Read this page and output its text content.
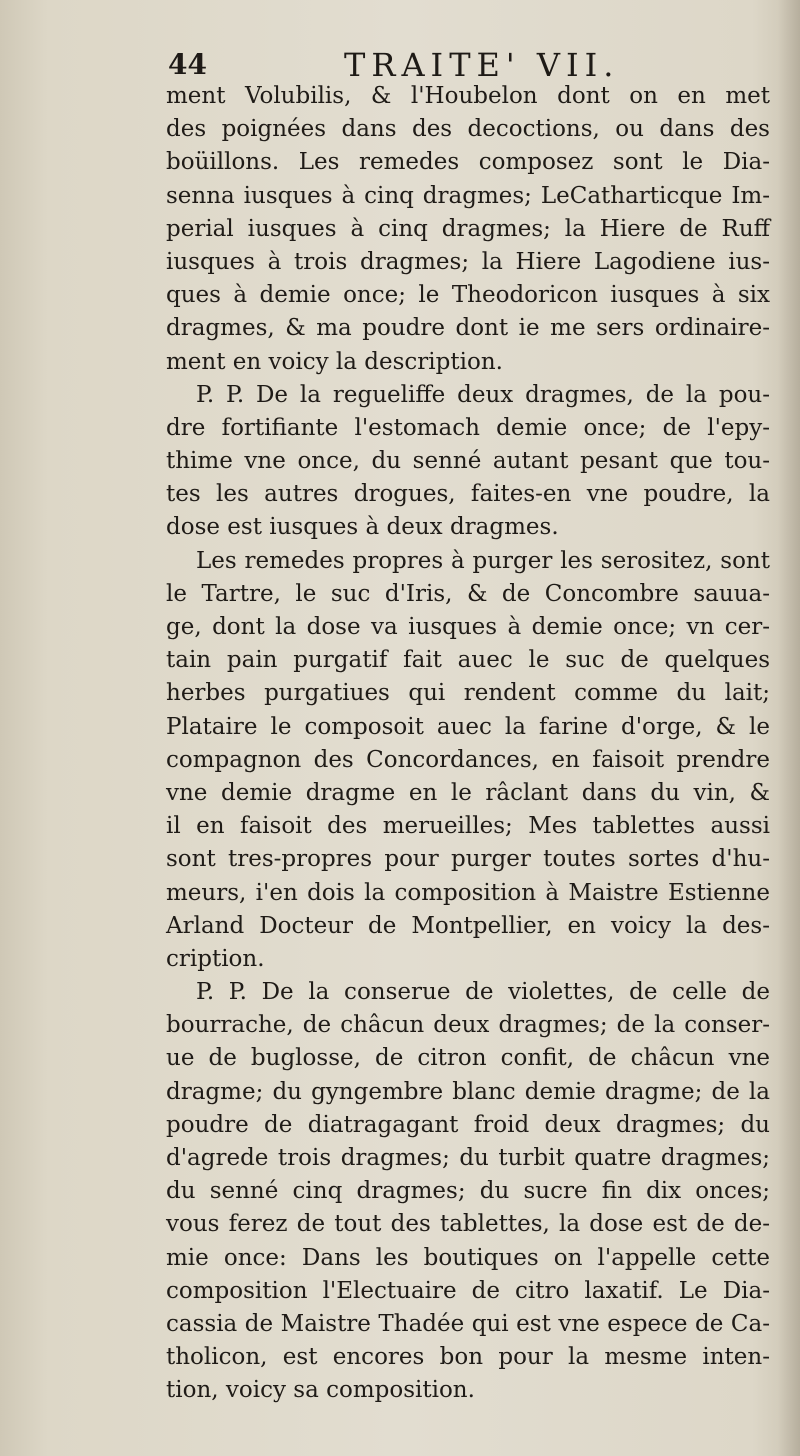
44	TRAITE' VII.
ment Volubilis, & l'Houbelon dont on en met
des poignées dans des decoctions, ou dans des
boüillons. Les remedes composez sont le Dia-
senna iusques à cinq dragmes; LeCatharticque Im-
perial iusques à cinq dragmes; la Hiere de Ruff
iusques à trois dragmes; la Hiere Lagodiene ius-
ques à demie once; le Theodoricon iusques à six
dragmes, & ma poudre dont ie me sers ordinaire-
ment en voicy la description.
P. P. De la regueliffe deux dragmes, de la pou-
dre fortifiante l'estomach demie once; de l'epy-
thime vne once, du senné autant pesant que tou-
tes les autres drogues, faites-en vne poudre, la
dose est iusques à deux dragmes.
Les remedes propres à purger les serositez, sont
le Tartre, le suc d'Iris, & de Concombre sauua-
ge, dont la dose va iusques à demie once; vn cer-
tain pain purgatif fait auec le suc de quelques
herbes purgatiues qui rendent comme du lait;
Plataire le composoit auec la farine d'orge, & le
compagnon des Concordances, en faisoit prendre
vne demie dragme en le râclant dans du vin, &
il en faisoit des merueilles; Mes tablettes aussi
sont tres-propres pour purger toutes sortes d'hu-
meurs, i'en dois la composition à Maistre Estienne
Arland Docteur de Montpellier, en voicy la des-
cription.
P. P. De la conserue de violettes, de celle de
bourrache, de châcun deux dragmes; de la conser-
ue de buglosse, de citron confit, de châcun vne
dragme; du gyngembre blanc demie dragme; de la
poudre de diatragagant froid deux dragmes; du
d'agrede trois dragmes; du turbit quatre dragmes;
du senné cinq dragmes; du sucre fin dix onces;
vous ferez de tout des tablettes, la dose est de de-
mie once: Dans les boutiques on l'appelle cette
composition l'Electuaire de citro laxatif. Le Dia-
cassia de Maistre Thadée qui est vne espece de Ca-
tholicon, est encores bon pour la mesme inten-
tion, voicy sa composition.
